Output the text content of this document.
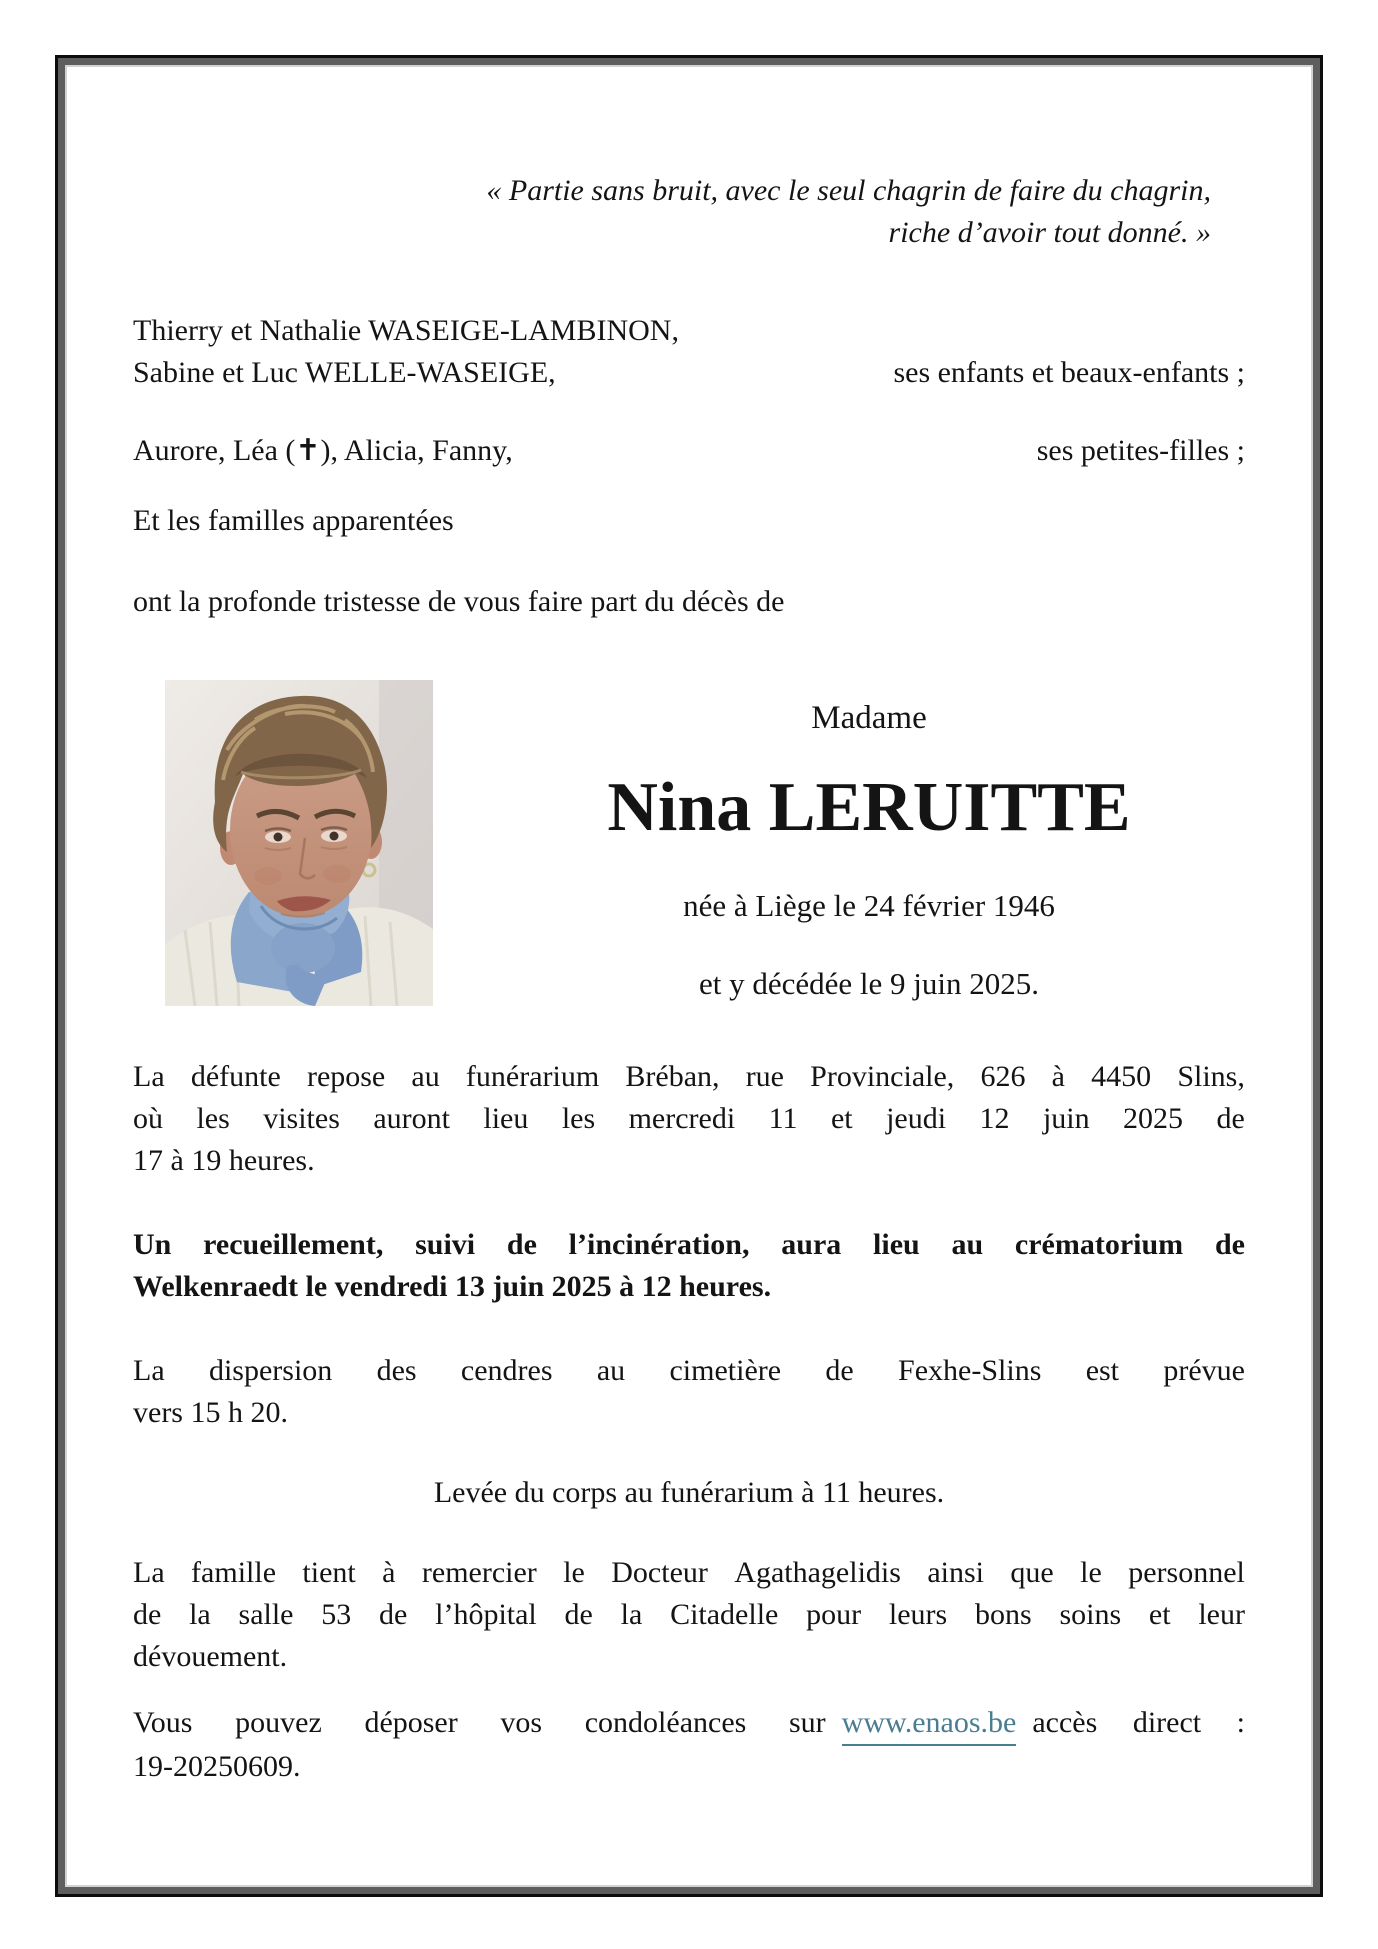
« Partie sans bruit, avec le seul chagrin de faire du chagrin,
riche d’avoir tout donné. »
Thierry et Nathalie WASEIGE-LAMBINON,
Sabine et Luc WELLE-WASEIGE,	ses enfants et beaux-enfants ;
Aurore, Léa (✝), Alicia, Fanny,	ses petites-filles ;
Et les familles apparentées
ont la profonde tristesse de vous faire part du décès de
Madame
Nina LERUITTE
née à Liège le 24 février 1946
et y décédée le 9 juin 2025.
La défunte repose au funérarium Bréban, rue Provinciale, 626 à 4450 Slins,
où les visites auront lieu les mercredi 11 et jeudi 12 juin 2025 de
17 à 19 heures.
Un recueillement, suivi de l’incinération, aura lieu au crématorium de
Welkenraedt le vendredi 13 juin 2025 à 12 heures.
La dispersion des cendres au cimetière de Fexhe-Slins est prévue
vers 15 h 20.
Levée du corps au funérarium à 11 heures.
La famille tient à remercier le Docteur Agathagelidis ainsi que le personnel
de la salle 53 de l’hôpital de la Citadelle pour leurs bons soins et leur
dévouement.
Vous pouvez déposer vos condoléances sur www.enaos.be accès direct :
19-20250609.
